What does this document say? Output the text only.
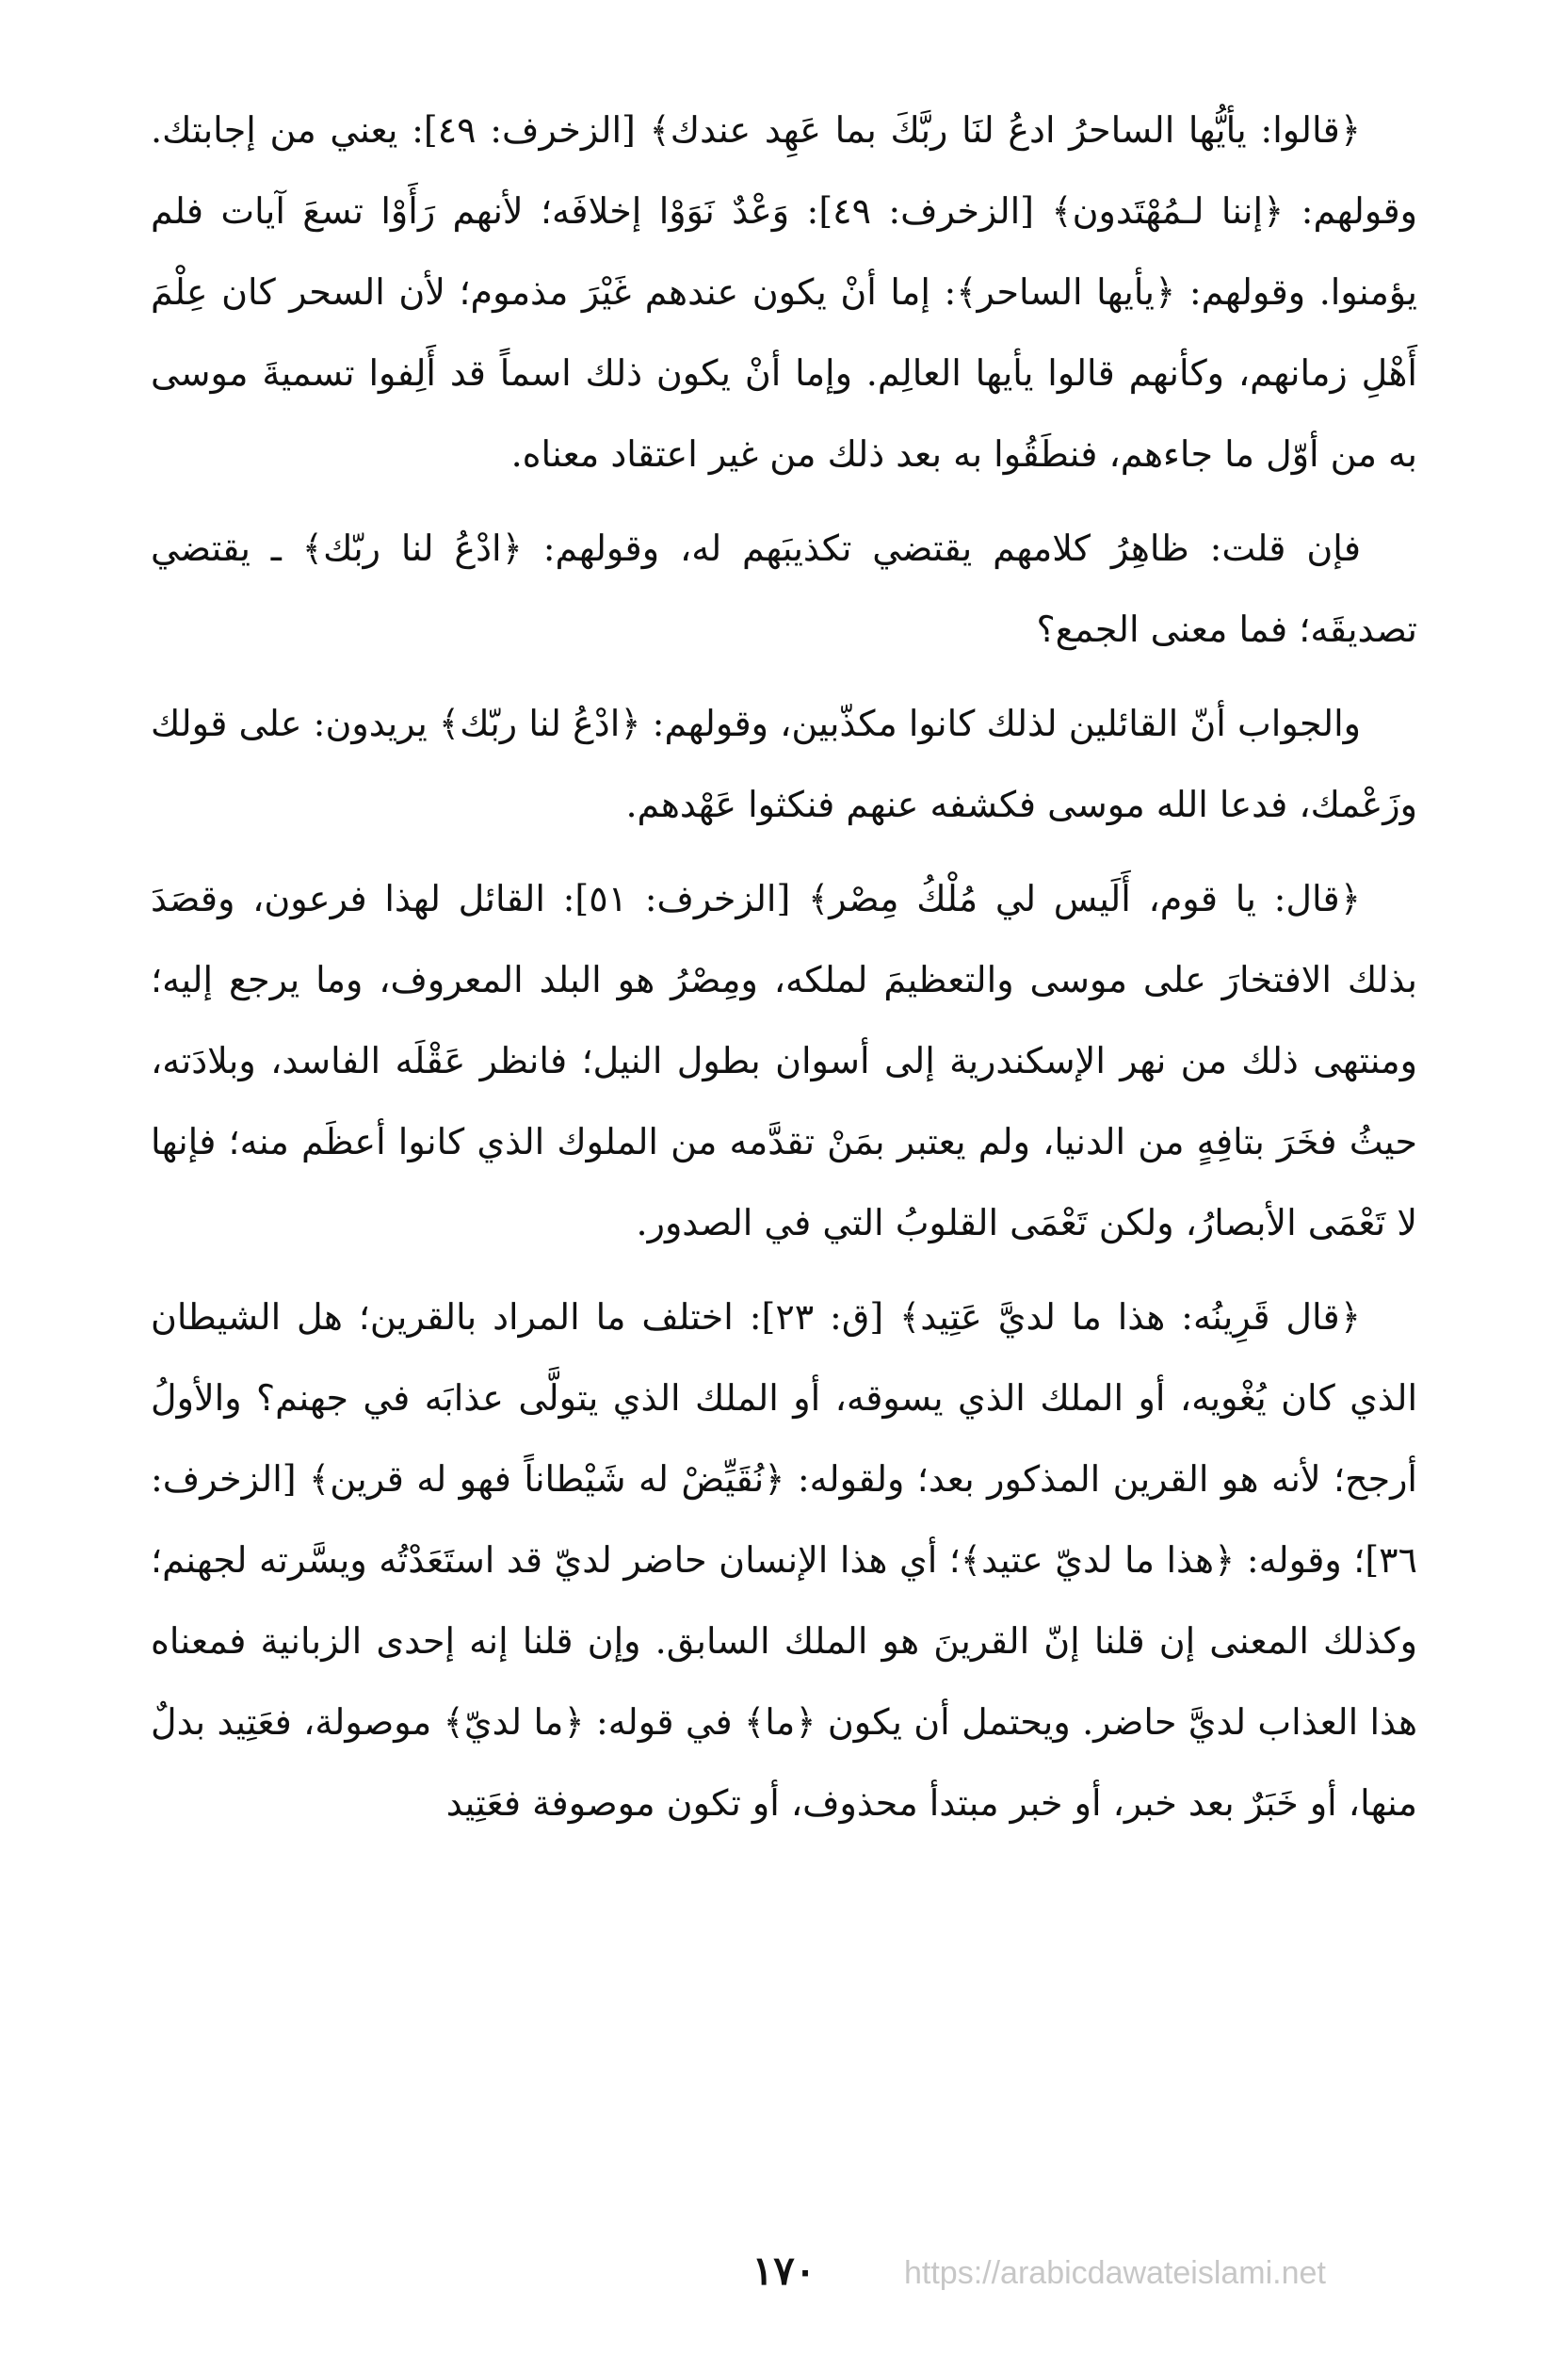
﴿قالوا: يأيُّها الساحرُ ادعُ لنَا ربَّكَ بما عَهِد عندك﴾ [الزخرف: ٤٩]: يعني من إجابتك. وقولهم: ﴿إننا لـمُهْتَدون﴾ [الزخرف: ٤٩]: وَعْدٌ نَوَوْا إخلافَه؛ لأنهم رَأَوْا تسعَ آيات فلم يؤمنوا. وقولهم: ﴿يأيها الساحر﴾: إما أنْ يكون عندهم غَيْرَ مذموم؛ لأن السحر كان عِلْمَ أَهْلِ زمانهم، وكأنهم قالوا يأيها العالِم. وإما أنْ يكون ذلك اسماً قد أَلِفوا تسميةَ موسى به من أوّل ما جاءهم، فنطَقُوا به بعد ذلك من غير اعتقاد معناه.

فإن قلت: ظاهِرُ كلامهم يقتضي تكذيبَهم له، وقولهم: ﴿ادْعُ لنا ربّك﴾ ـ يقتضي تصديقَه؛ فما معنى الجمع؟

والجواب أنّ القائلين لذلك كانوا مكذّبين، وقولهم: ﴿ادْعُ لنا ربّك﴾ يريدون: على قولك وزَعْمك، فدعا الله موسى فكشفه عنهم فنكثوا عَهْدهم.

﴿قال: يا قوم، أَلَيس لي مُلْكُ مِصْر﴾ [الزخرف: ٥١]: القائل لهذا فرعون، وقصَدَ بذلك الافتخارَ على موسى والتعظيمَ لملكه، ومِصْرُ هو البلد المعروف، وما يرجع إليه؛ ومنتهى ذلك من نهر الإسكندرية إلى أسوان بطول النيل؛ فانظر عَقْلَه الفاسد، وبلادَته، حيثُ فخَرَ بتافِهٍ من الدنيا، ولم يعتبر بمَنْ تقدَّمه من الملوك الذي كانوا أعظَم منه؛ فإنها لا تَعْمَى الأبصارُ، ولكن تَعْمَى القلوبُ التي في الصدور.

﴿قال قَرِينُه: هذا ما لديَّ عَتِيد﴾ [ق: ٢٣]: اختلف ما المراد بالقرين؛ هل الشيطان الذي كان يُغْويه، أو الملك الذي يسوقه، أو الملك الذي يتولَّى عذابَه في جهنم؟ والأولُ أرجح؛ لأنه هو القرين المذكور بعد؛ ولقوله: ﴿نُقَيِّضْ له شَيْطاناً فهو له قرين﴾ [الزخرف: ٣٦]؛ وقوله: ﴿هذا ما لديّ عتيد﴾؛ أي هذا الإنسان حاضر لديّ قد استَعَدْتُه ويسَّرته لجهنم؛ وكذلك المعنى إن قلنا إنّ القرينَ هو الملك السابق. وإن قلنا إنه إحدى الزبانية فمعناه هذا العذاب لديَّ حاضر. ويحتمل أن يكون ﴿ما﴾ في قوله: ﴿ما لديّ﴾ موصولة، فعَتِيد بدلٌ منها، أو خَبَرٌ بعد خبر، أو خبر مبتدأ محذوف، أو تكون موصوفة فعَتِيد

١٧٠	https://arabicdawateislami.net
